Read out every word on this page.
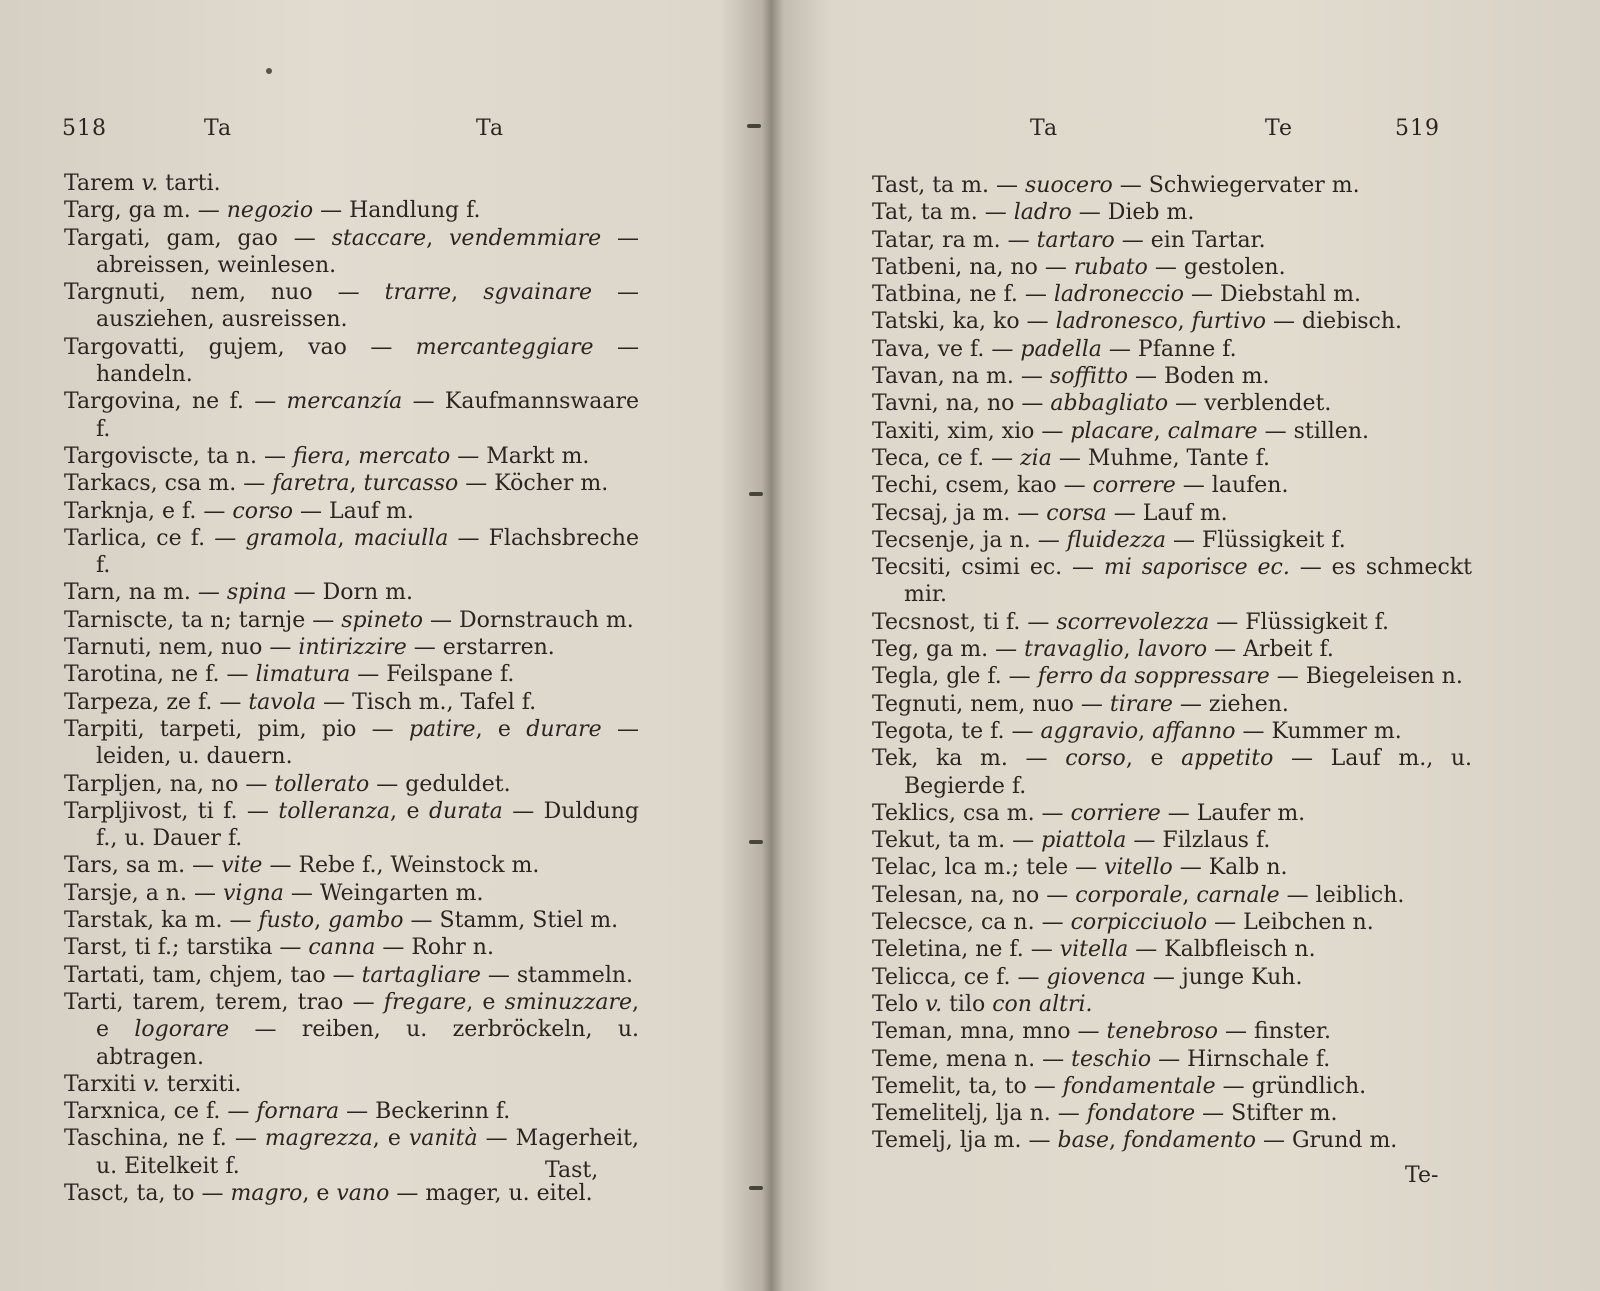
518	Ta	Ta
Tarem v. tarti.
Targ, ga m. — negozio — Handlung f.
Targati, gam, gao — staccare, vendemmiare — abreissen, weinlesen.
Targnuti, nem, nuo — trarre, sgvainare — ausziehen, ausreissen.
Targovatti, gujem, vao — mercanteggiare — handeln.
Targovina, ne f. — mercanzía — Kaufmannswaare f.
Targoviscte, ta n. — fiera, mercato — Markt m.
Tarkacs, csa m. — faretra, turcasso — Köcher m.
Tarknja, e f. — corso — Lauf m.
Tarlica, ce f. — gramola, maciulla — Flachsbreche f.
Tarn, na m. — spina — Dorn m.
Tarniscte, ta n; tarnje — spineto — Dornstrauch m.
Tarnuti, nem, nuo — intirizzire — erstarren.
Tarotina, ne f. — limatura — Feilspane f.
Tarpeza, ze f. — tavola — Tisch m., Tafel f.
Tarpiti, tarpeti, pim, pio — patire, e durare — leiden, u. dauern.
Tarpljen, na, no — tollerato — geduldet.
Tarpljivost, ti f. — tolleranza, e durata — Duldung f., u. Dauer f.
Tars, sa m. — vite — Rebe f., Weinstock m.
Tarsje, a n. — vigna — Weingarten m.
Tarstak, ka m. — fusto, gambo — Stamm, Stiel m.
Tarst, ti f.; tarstika — canna — Rohr n.
Tartati, tam, chjem, tao — tartagliare — stammeln.
Tarti, tarem, terem, trao — fregare, e sminuzzare, e logorare — reiben, u. zerbröckeln, u. abtragen.
Tarxiti v. terxiti.
Tarxnica, ce f. — fornara — Beckerinn f.
Taschina, ne f. — magrezza, e vanità — Magerheit, u. Eitelkeit f.
Tasct, ta, to — magro, e vano — mager, u. eitel.
Tast,
Ta	Te	519
Tast, ta m. — suocero — Schwiegervater m.
Tat, ta m. — ladro — Dieb m.
Tatar, ra m. — tartaro — ein Tartar.
Tatbeni, na, no — rubato — gestolen.
Tatbina, ne f. — ladroneccio — Diebstahl m.
Tatski, ka, ko — ladronesco, furtivo — diebisch.
Tava, ve f. — padella — Pfanne f.
Tavan, na m. — soffitto — Boden m.
Tavni, na, no — abbagliato — verblendet.
Taxiti, xim, xio — placare, calmare — stillen.
Teca, ce f. — zia — Muhme, Tante f.
Techi, csem, kao — correre — laufen.
Tecsaj, ja m. — corsa — Lauf m.
Tecsenje, ja n. — fluidezza — Flüssigkeit f.
Tecsiti, csimi ec. — mi saporisce ec. — es schmeckt mir.
Tecsnost, ti f. — scorrevolezza — Flüssigkeit f.
Teg, ga m. — travaglio, lavoro — Arbeit f.
Tegla, gle f. — ferro da soppressare — Biegeleisen n.
Tegnuti, nem, nuo — tirare — ziehen.
Tegota, te f. — aggravio, affanno — Kummer m.
Tek, ka m. — corso, e appetito — Lauf m., u. Begierde f.
Teklics, csa m. — corriere — Laufer m.
Tekut, ta m. — piattola — Filzlaus f.
Telac, lca m.; tele — vitello — Kalb n.
Telesan, na, no — corporale, carnale — leiblich.
Telecsce, ca n. — corpicciuolo — Leibchen n.
Teletina, ne f. — vitella — Kalbfleisch n.
Telicca, ce f. — giovenca — junge Kuh.
Telo v. tilo con altri.
Teman, mna, mno — tenebroso — finster.
Teme, mena n. — teschio — Hirnschale f.
Temelit, ta, to — fondamentale — gründlich.
Temelitelj, lja n. — fondatore — Stifter m.
Temelj, lja m. — base, fondamento — Grund m.
Te-
